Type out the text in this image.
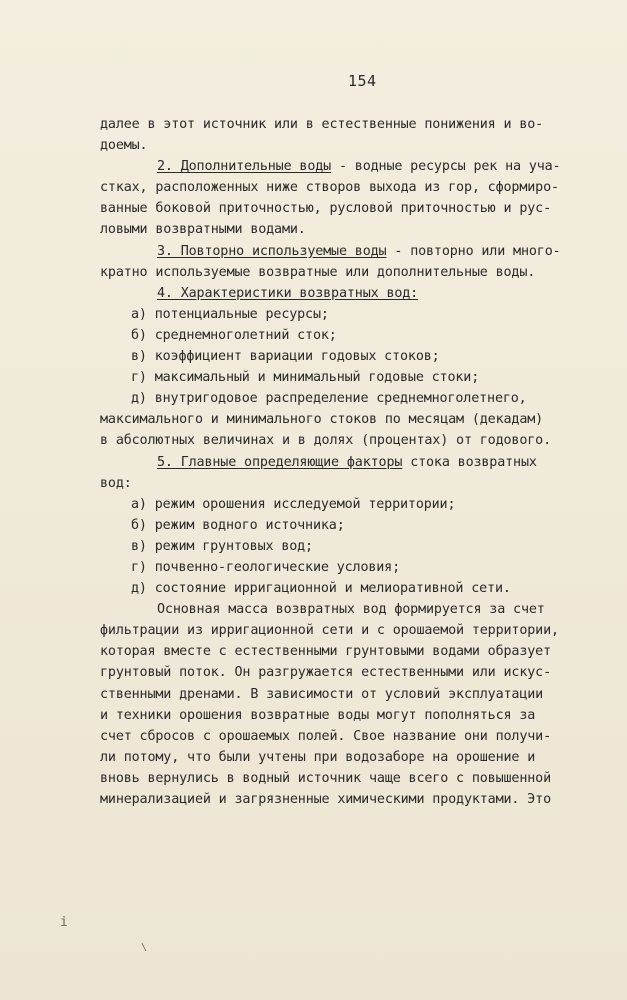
154
далее в этот источник или в естественные понижения и во-
доемы.
2. Дополнительные воды - водные ресурсы рек на уча-
стках, расположенных ниже створов выхода из гор, сформиро-
ванные боковой приточностью, русловой приточностью и рус-
ловыми возвратными водами.
3. Повторно используемые воды - повторно или много-
кратно используемые возвратные или дополнительные воды.
4. Характеристики возвратных вод:
а) потенциальные ресурсы;
б) среднемноголетний сток;
в) коэффициент вариации годовых стоков;
г) максимальный и минимальный годовые стоки;
д) внутригодовое распределение среднемноголетнего,
максимального и минимального стоков по месяцам (декадам)
в абсолютных величинах и в долях (процентах) от годового.
5. Главные определяющие факторы стока возвратных
вод:
а) режим орошения исследуемой территории;
б) режим водного источника;
в) режим грунтовых вод;
г) почвенно-геологические условия;
д) состояние ирригационной и мелиоративной сети.
Основная масса возвратных вод формируется за счет
фильтрации из ирригационной сети и с орошаемой территории,
которая вместе с естественными грунтовыми водами образует
грунтовый поток. Он разгружается естественными или искус-
ственными дренами. В зависимости от условий эксплуатации
и техники орошения возвратные воды могут пополняться за
счет сбросов с орошаемых полей. Свое название они получи-
ли потому, что были учтены при водозаборе на орошение и
вновь вернулись в водный источник чаще всего с повышенной
минерализацией и загрязненные химическими продуктами. Это
i
\
